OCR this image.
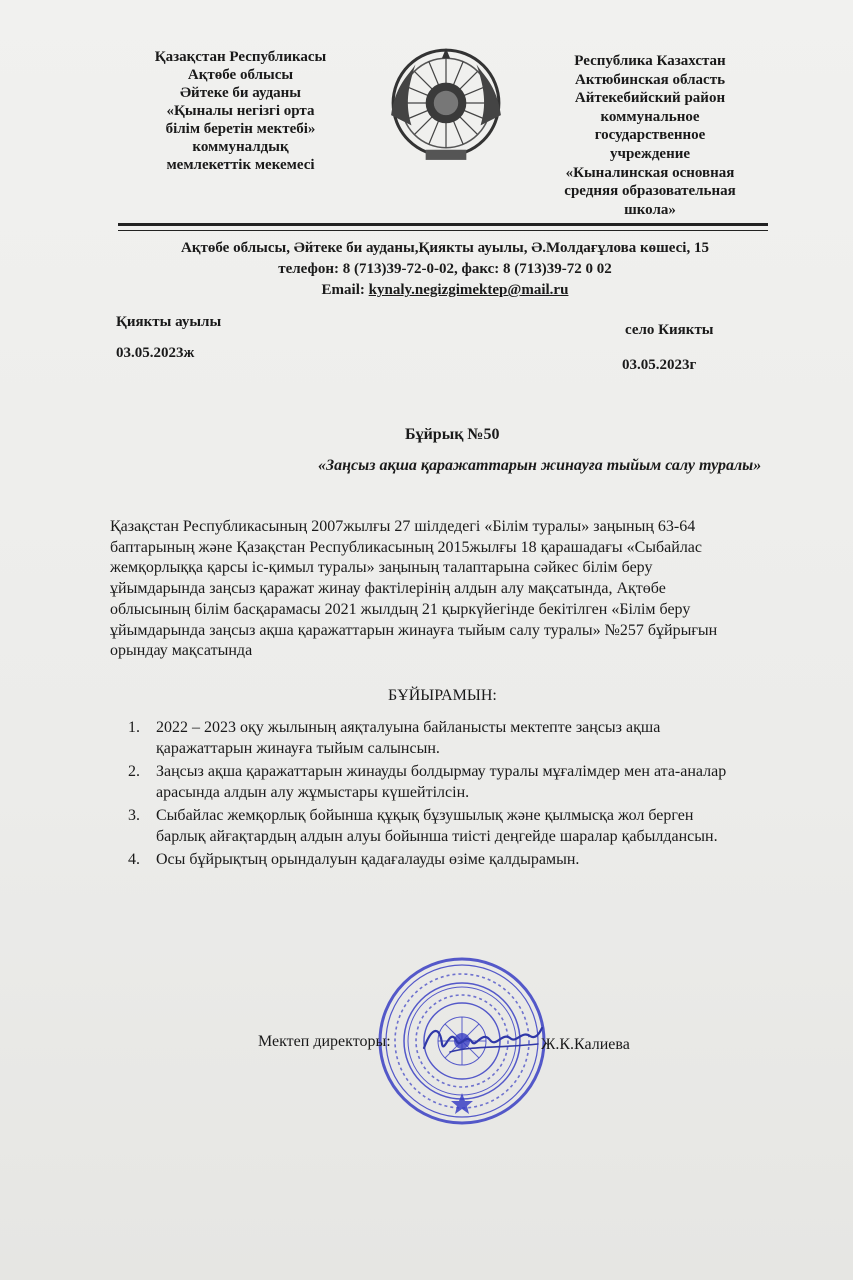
Қазақстан Республикасы
Ақтөбе облысы
Әйтеке би ауданы
«Қыналы негізгі орта
білім беретін мектебі»
коммуналдық
мемлекеттік мекемесі
Республика Казахстан
Актюбинская область
Айтекебийский район
коммунальное
государственное
учреждение
«Кыналинская основная
средняя образовательная
школа»
Ақтөбе облысы, Әйтеке би ауданы,Қиякты ауылы, Ә.Молдағұлова көшесі, 15
телефон: 8 (713)39-72-0-02, факс: 8 (713)39-72 0 02
Email: kynaly.negizgimektep@mail.ru
Қиякты ауылы
03.05.2023ж
село Киякты
03.05.2023г
Бұйрық №50
«Заңсыз ақша қаражаттарын жинауға тыйым салу туралы»
Қазақстан Республикасының 2007жылғы 27 шілдедегі «Білім туралы» заңының 63-64
баптарының және Қазақстан Республикасының 2015жылғы 18 қарашадағы «Сыбайлас
жемқорлыққа қарсы іс-қимыл туралы» заңының талаптарына сәйкес білім беру
ұйымдарында заңсыз қаражат жинау фактілерінің алдын алу мақсатында, Ақтөбе
облысының білім басқарамасы 2021 жылдың 21 қыркүйегінде бекітілген «Білім беру
ұйымдарында заңсыз ақша қаражаттарын жинауға тыйым салу туралы» №257 бұйрығын
орындау мақсатында
БҰЙЫРАМЫН:
1.	2022 – 2023 оқу жылының аяқталуына байланысты мектепте заңсыз ақша
қаражаттарын жинауға тыйым салынсын.
2.	Заңсыз ақша қаражаттарын жинауды болдырмау туралы мұғалімдер мен ата-аналар
арасында алдын алу жұмыстары күшейтілсін.
3.	Сыбайлас жемқорлық бойынша құқық бұзушылық және қылмысқа жол берген
барлық айғақтардың алдын алуы бойынша тиісті деңгейде шаралар қабылдансын.
4.	Осы бұйрықтың орындалуын қадағалауды өзіме қалдырамын.
Мектеп директоры:	Ж.К.Калиева
